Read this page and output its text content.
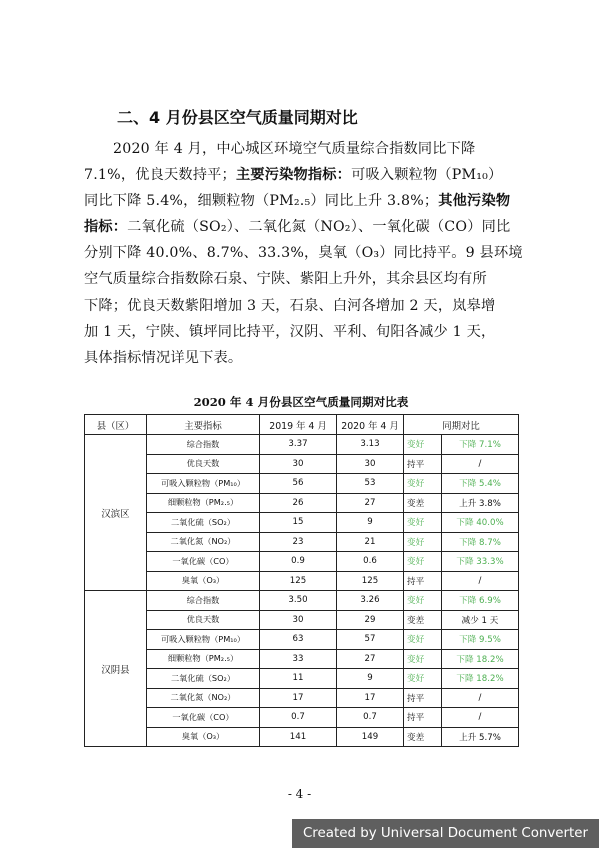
二、4 月份县区空气质量同期对比
2020 年 4 月，中心城区环境空气质量综合指数同比下降
7.1%，优良天数持平；主要污染物指标：可吸入颗粒物（PM₁₀）
同比下降 5.4%，细颗粒物（PM₂.₅）同比上升 3.8%；其他污染物
指标：二氧化硫（SO₂）、二氧化氮（NO₂）、一氧化碳（CO）同比
分别下降 40.0%、8.7%、33.3%，臭氧（O₃）同比持平。9 县环境
空气质量综合指数除石泉、宁陕、紫阳上升外，其余县区均有所
下降；优良天数紫阳增加 3 天，石泉、白河各增加 2 天，岚皋增
加 1 天，宁陕、镇坪同比持平，汉阴、平利、旬阳各减少 1 天，
具体指标情况详见下表。
2020 年 4 月份县区空气质量同期对比表
县（区）	主要指标	2019 年 4 月	2020 年 4 月	同期对比	
汉滨区	综合指数	3.37	3.13	变好	下降 7.1%
	优良天数	30	30	持平	/
	可吸入颗粒物（PM₁₀）	56	53	变好	下降 5.4%
	细颗粒物（PM₂.₅）	26	27	变差	上升 3.8%
	二氧化硫（SO₂）	15	9	变好	下降 40.0%
	二氧化氮（NO₂）	23	21	变好	下降 8.7%
	一氧化碳（CO）	0.9	0.6	变好	下降 33.3%
	臭氧（O₃）	125	125	持平	/
汉阴县	综合指数	3.50	3.26	变好	下降 6.9%
	优良天数	30	29	变差	减少 1 天
	可吸入颗粒物（PM₁₀）	63	57	变好	下降 9.5%
	细颗粒物（PM₂.₅）	33	27	变好	下降 18.2%
	二氧化硫（SO₂）	11	9	变好	下降 18.2%
	二氧化氮（NO₂）	17	17	持平	/
	一氧化碳（CO）	0.7	0.7	持平	/
	臭氧（O₃）	141	149	变差	上升 5.7%
- 4 -
Created by Universal Document Converter
